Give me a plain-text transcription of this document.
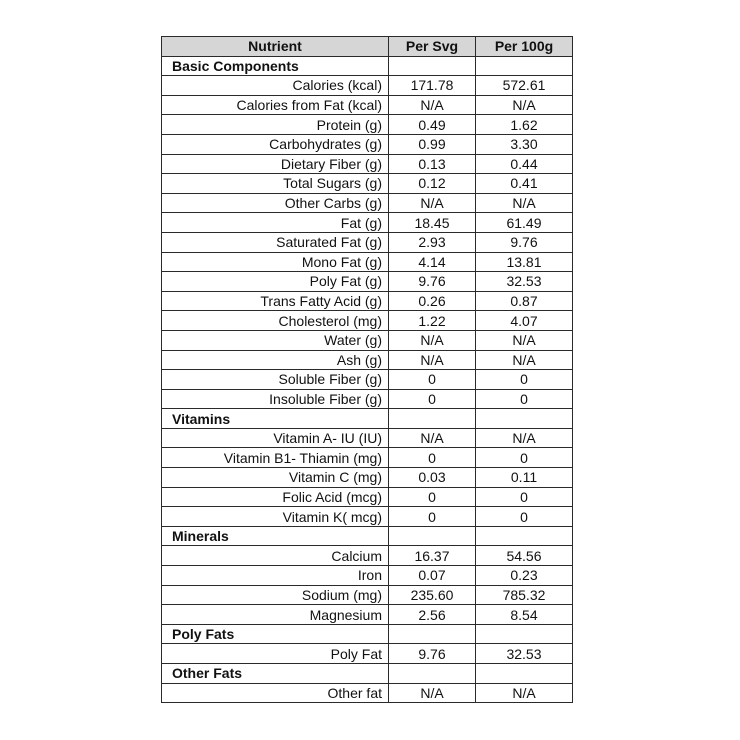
Nutrient	Per Svg	Per 100g
Basic Components		
Calories (kcal)	171.78	572.61
Calories from Fat (kcal)	N/A	N/A
Protein (g)	0.49	1.62
Carbohydrates (g)	0.99	3.30
Dietary Fiber (g)	0.13	0.44
Total Sugars (g)	0.12	0.41
Other Carbs (g)	N/A	N/A
Fat (g)	18.45	61.49
Saturated Fat (g)	2.93	9.76
Mono Fat (g)	4.14	13.81
Poly Fat (g)	9.76	32.53
Trans Fatty Acid (g)	0.26	0.87
Cholesterol (mg)	1.22	4.07
Water (g)	N/A	N/A
Ash (g)	N/A	N/A
Soluble Fiber (g)	0	0
Insoluble Fiber (g)	0	0
Vitamins		
Vitamin A- IU (IU)	N/A	N/A
Vitamin B1- Thiamin (mg)	0	0
Vitamin C (mg)	0.03	0.11
Folic Acid (mcg)	0	0
Vitamin K( mcg)	0	0
Minerals		
Calcium	16.37	54.56
Iron	0.07	0.23
Sodium (mg)	235.60	785.32
Magnesium	2.56	8.54
Poly Fats		
Poly Fat	9.76	32.53
Other Fats		
Other fat	N/A	N/A
